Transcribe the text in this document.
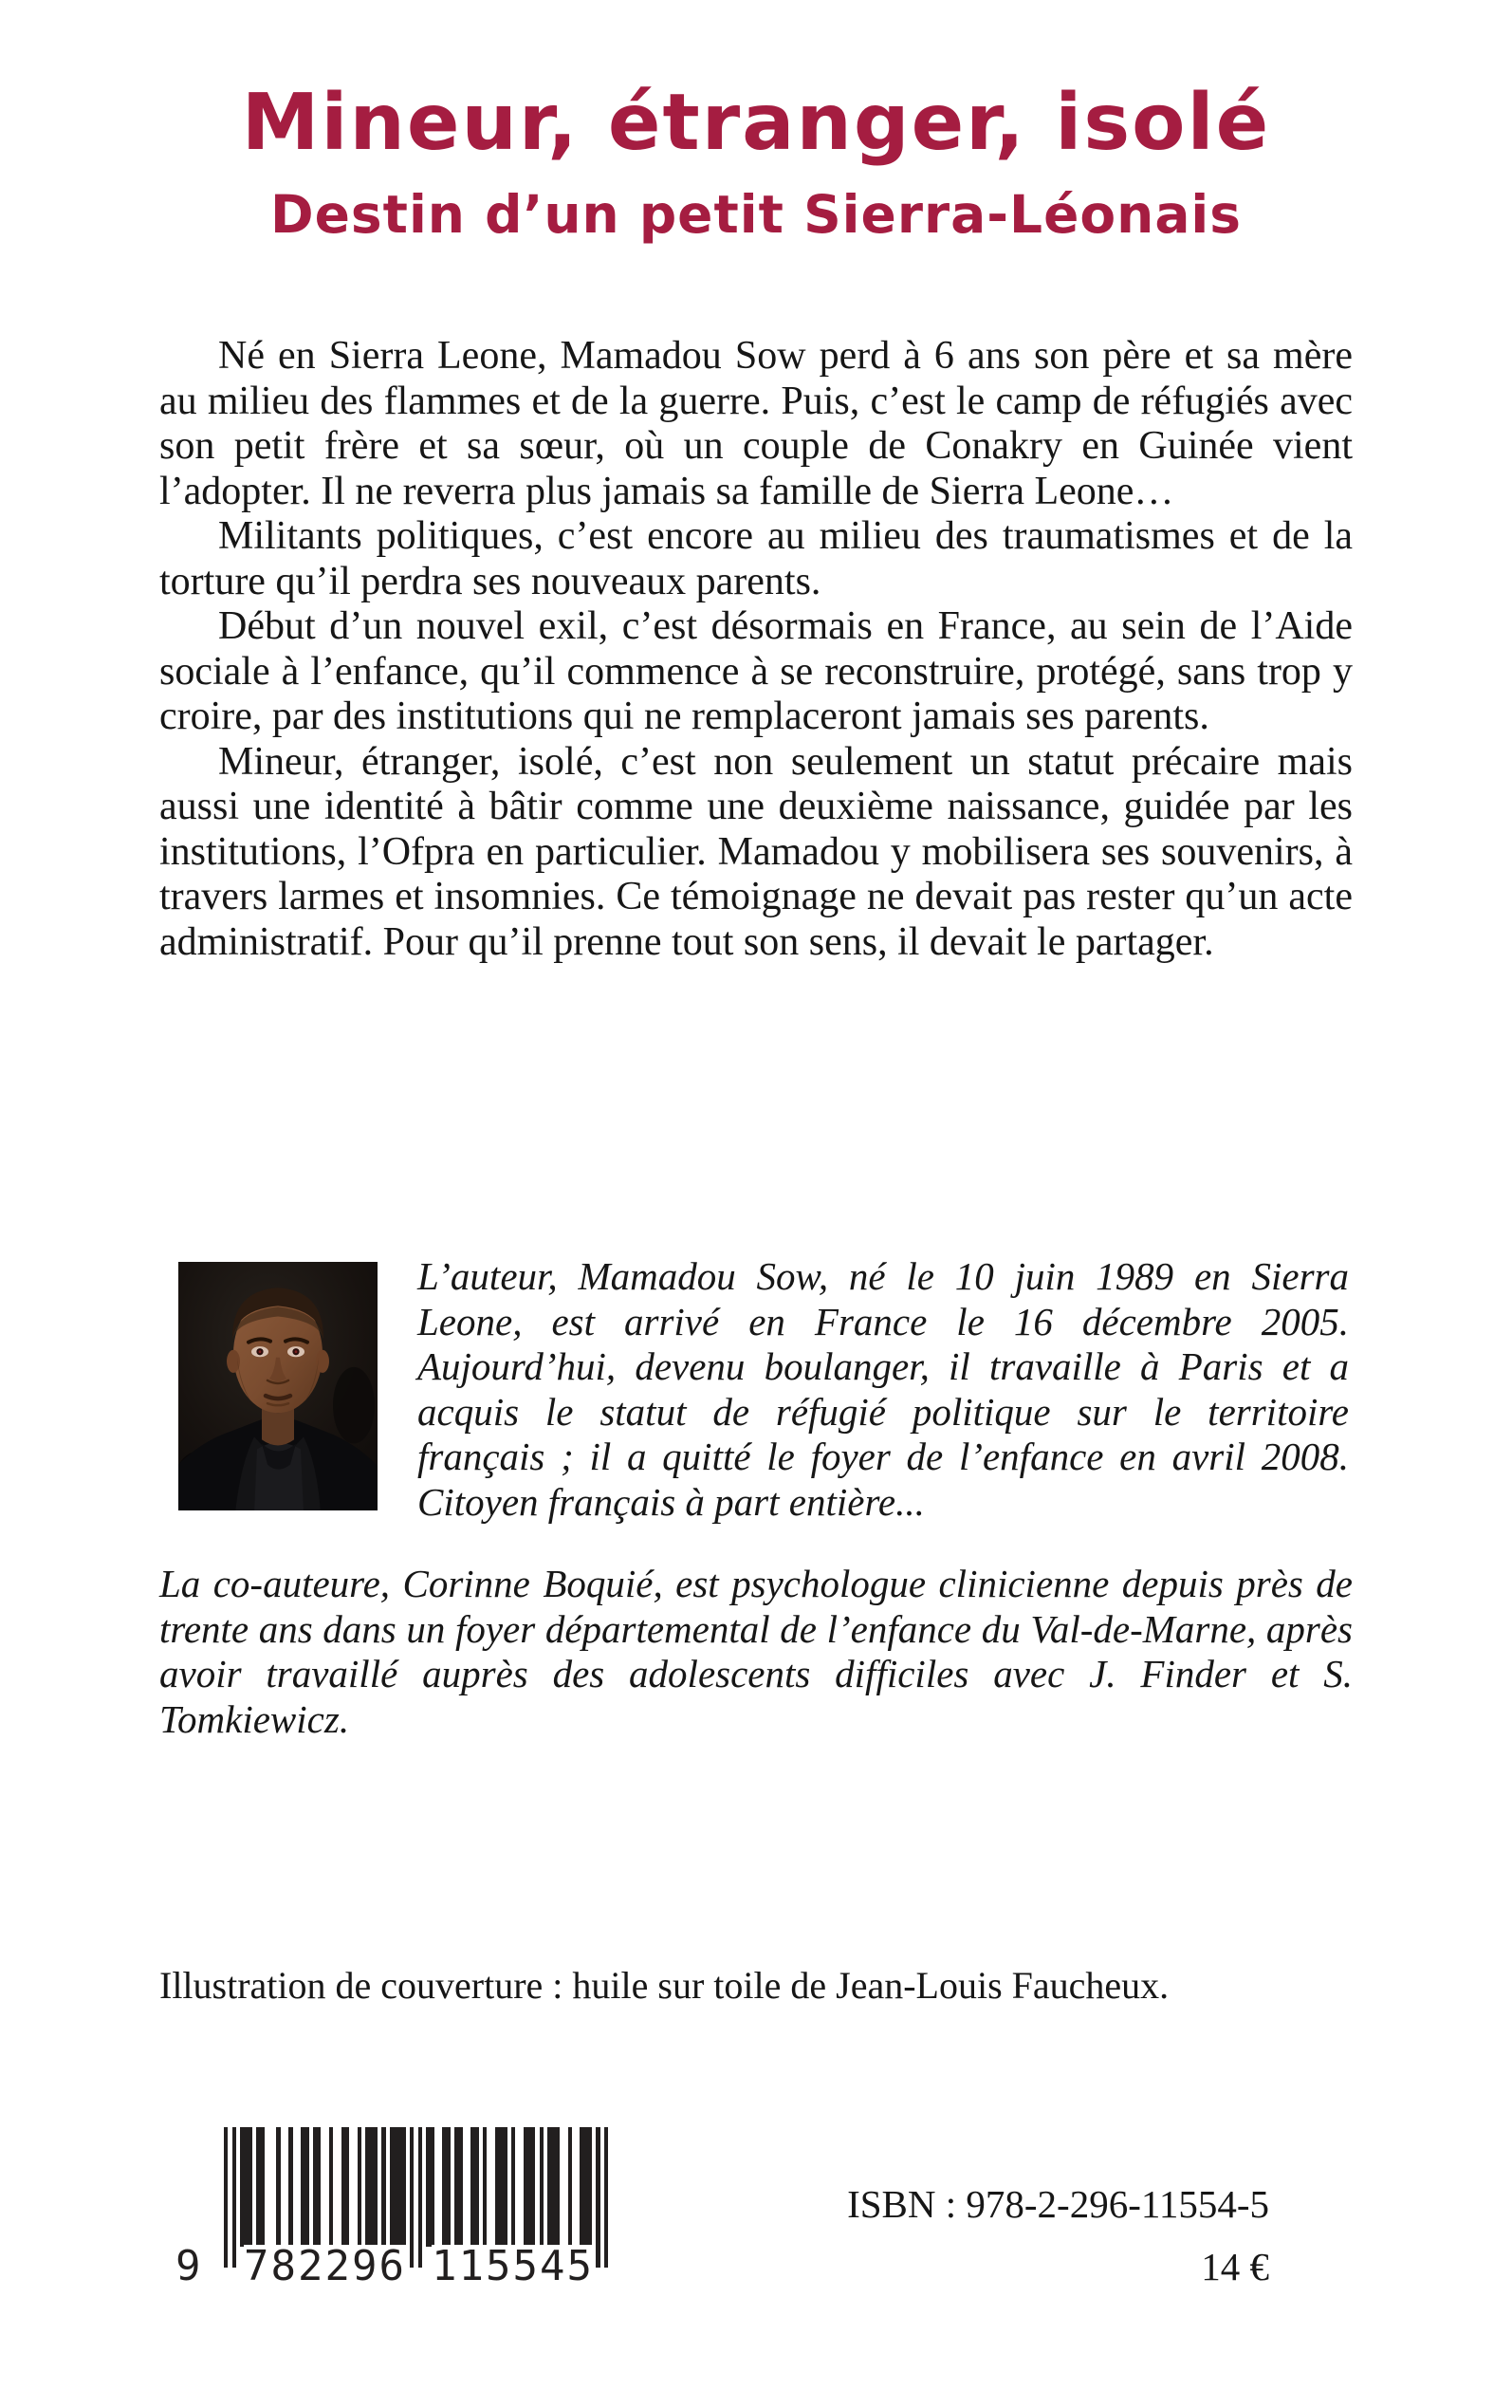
Mineur, étranger, isolé
Destin d’un petit Sierra-Léonais

Né en Sierra Leone, Mamadou Sow perd à 6 ans son père et sa mère au milieu des flammes et de la guerre. Puis, c’est le camp de réfugiés avec son petit frère et sa sœur, où un couple de Conakry en Guinée vient l’adopter. Il ne reverra plus jamais sa famille de Sierra Leone…

Militants politiques, c’est encore au milieu des traumatismes et de la torture qu’il perdra ses nouveaux parents.

Début d’un nouvel exil, c’est désormais en France, au sein de l’Aide sociale à l’enfance, qu’il commence à se reconstruire, protégé, sans trop y croire, par des institutions qui ne remplaceront jamais ses parents.

Mineur, étranger, isolé, c’est non seulement un statut précaire mais aussi une identité à bâtir comme une deuxième naissance, guidée par les institutions, l’Ofpra en particulier. Mamadou y mobilisera ses souvenirs, à travers larmes et insomnies. Ce témoignage ne devait pas rester qu’un acte administratif. Pour qu’il prenne tout son sens, il devait le partager.

L’auteur, Mamadou Sow, né le 10 juin 1989 en Sierra Leone, est arrivé en France le 16 décembre 2005. Aujourd’hui, devenu boulanger, il travaille à Paris et a acquis le statut de réfugié politique sur le territoire français ; il a quitté le foyer de l’enfance en avril 2008. Citoyen français à part entière...
La co-auteure, Corinne Boquié, est psychologue clinicienne depuis près de trente ans dans un foyer départemental de l’enfance du Val-de-Marne, après avoir travaillé auprès des adolescents difficiles avec J. Finder et S. Tomkiewicz.
Illustration de couverture : huile sur toile de Jean-Louis Faucheux.
9 782296 115545
ISBN : 978-2-296-11554-5
14 €
